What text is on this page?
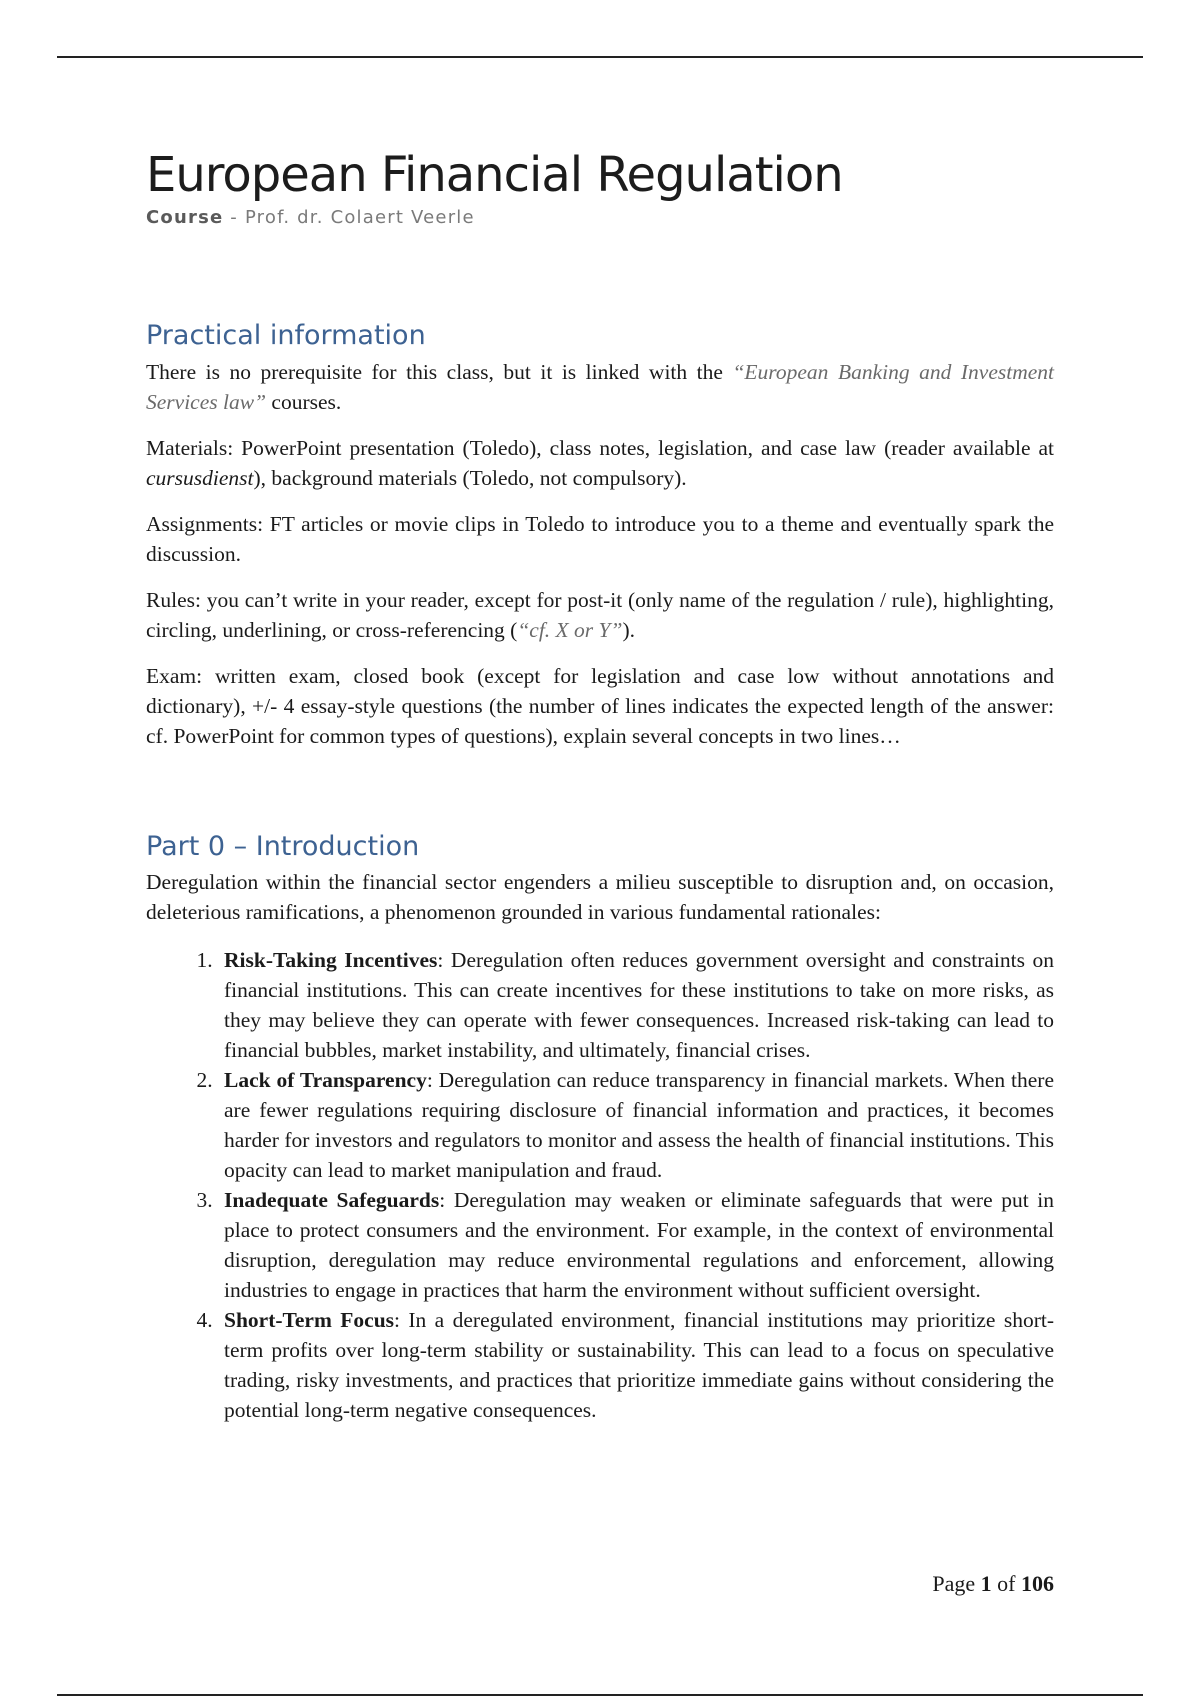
European Financial Regulation
Course - Prof. dr. Colaert Veerle
Practical information

There is no prerequisite for this class, but it is linked with the “European Banking and Investment Services law” courses.

Materials: PowerPoint presentation (Toledo), class notes, legislation, and case law (reader available at cursusdienst), background materials (Toledo, not compulsory).

Assignments: FT articles or movie clips in Toledo to introduce you to a theme and eventually spark the discussion.

Rules: you can’t write in your reader, except for post-it (only name of the regulation / rule), highlighting, circling, underlining, or cross-referencing (“cf. X or Y”).

Exam: written exam, closed book (except for legislation and case low without annotations and dictionary), +/- 4 essay-style questions (the number of lines indicates the expected length of the answer: cf. PowerPoint for common types of questions), explain several concepts in two lines…

Part 0 – Introduction

Deregulation within the financial sector engenders a milieu susceptible to disruption and, on occasion, deleterious ramifications, a phenomenon grounded in various fundamental rationales:

1. Risk-Taking Incentives: Deregulation often reduces government oversight and constraints on financial institutions. This can create incentives for these institutions to take on more risks, as they may believe they can operate with fewer consequences. Increased risk-taking can lead to financial bubbles, market instability, and ultimately, financial crises.
2. Lack of Transparency: Deregulation can reduce transparency in financial markets. When there are fewer regulations requiring disclosure of financial information and practices, it becomes harder for investors and regulators to monitor and assess the health of financial institutions. This opacity can lead to market manipulation and fraud.
3. Inadequate Safeguards: Deregulation may weaken or eliminate safeguards that were put in place to protect consumers and the environment. For example, in the context of environmental disruption, deregulation may reduce environmental regulations and enforcement, allowing industries to engage in practices that harm the environment without sufficient oversight.
4. Short-Term Focus: In a deregulated environment, financial institutions may prioritize short-term profits over long-term stability or sustainability. This can lead to a focus on speculative trading, risky investments, and practices that prioritize immediate gains without considering the potential long-term negative consequences.
Page 1 of 106
